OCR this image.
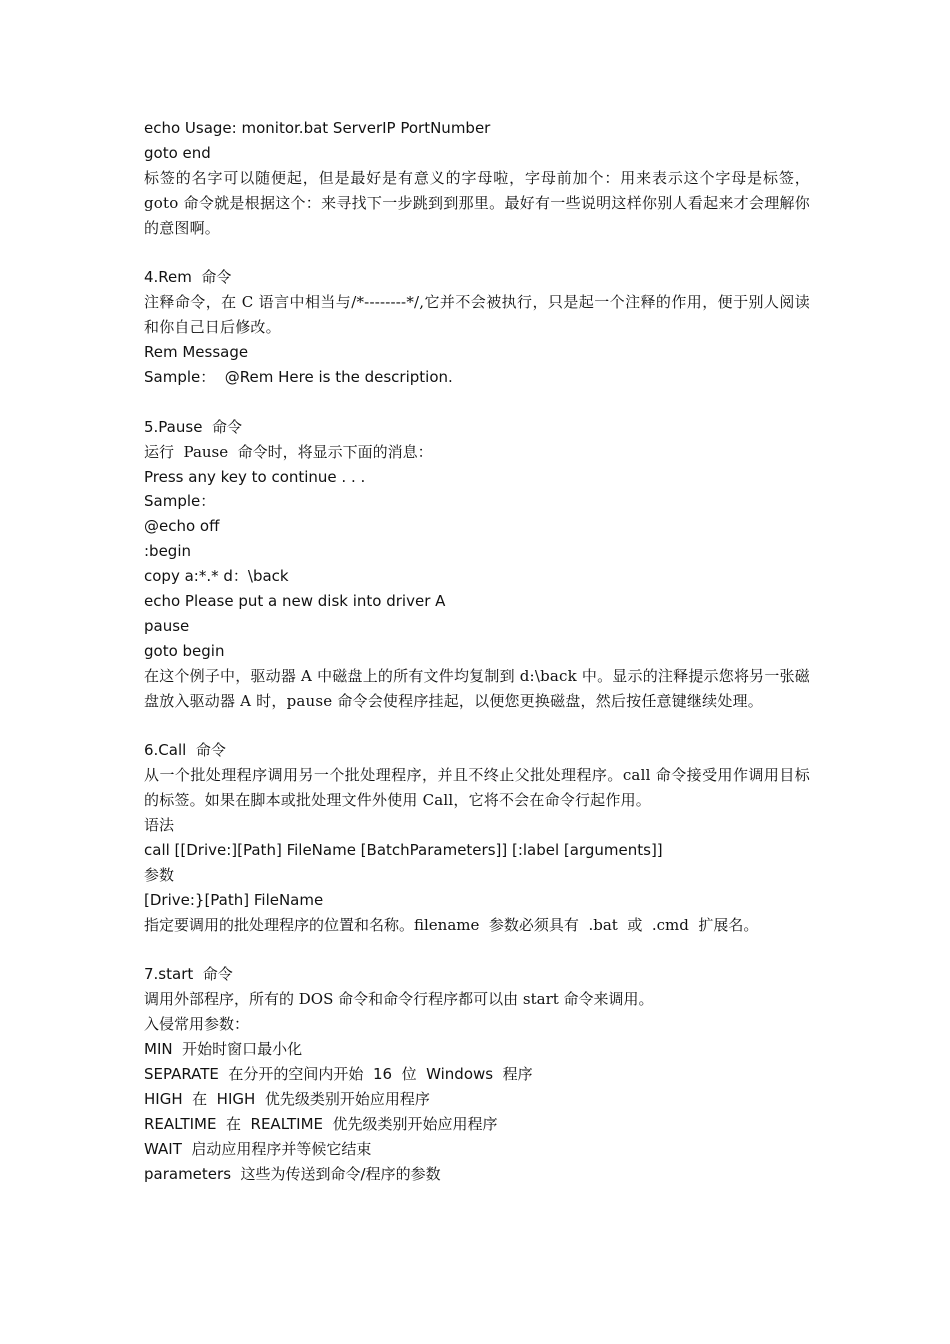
echo Usage: monitor.bat ServerIP PortNumber
goto end
标签的名字可以随便起，但是最好是有意义的字母啦，字母前加个：用来表示这个字母是标签，goto 命令就是根据这个：来寻找下一步跳到到那里。最好有一些说明这样你别人看起来才会理解你的意图啊。
4.Rem  命令
注释命令，在 C 语言中相当与/*--------*/,它并不会被执行，只是起一个注释的作用，便于别人阅读和你自己日后修改。
Rem Message
Sample：  @Rem Here is the description.
5.Pause  命令
运行  Pause  命令时，将显示下面的消息：
Press any key to continue . . .
Sample：
@echo off
:begin
copy a:*.* d：\back
echo Please put a new disk into driver A
pause
goto begin
在这个例子中，驱动器 A 中磁盘上的所有文件均复制到 d:\back 中。显示的注释提示您将另一张磁盘放入驱动器 A 时，pause 命令会使程序挂起，以便您更换磁盘，然后按任意键继续处理。
6.Call  命令
从一个批处理程序调用另一个批处理程序，并且不终止父批处理程序。call 命令接受用作调用目标的标签。如果在脚本或批处理文件外使用 Call，它将不会在命令行起作用。
语法
call [[Drive:][Path] FileName [BatchParameters]] [:label [arguments]]
参数
[Drive:}[Path] FileName
指定要调用的批处理程序的位置和名称。filename  参数必须具有  .bat  或  .cmd  扩展名。
7.start  命令
调用外部程序，所有的 DOS 命令和命令行程序都可以由 start 命令来调用。
入侵常用参数：
MIN  开始时窗口最小化
SEPARATE  在分开的空间内开始  16  位  Windows  程序
HIGH  在  HIGH  优先级类别开始应用程序
REALTIME  在  REALTIME  优先级类别开始应用程序
WAIT  启动应用程序并等候它结束
parameters  这些为传送到命令/程序的参数
